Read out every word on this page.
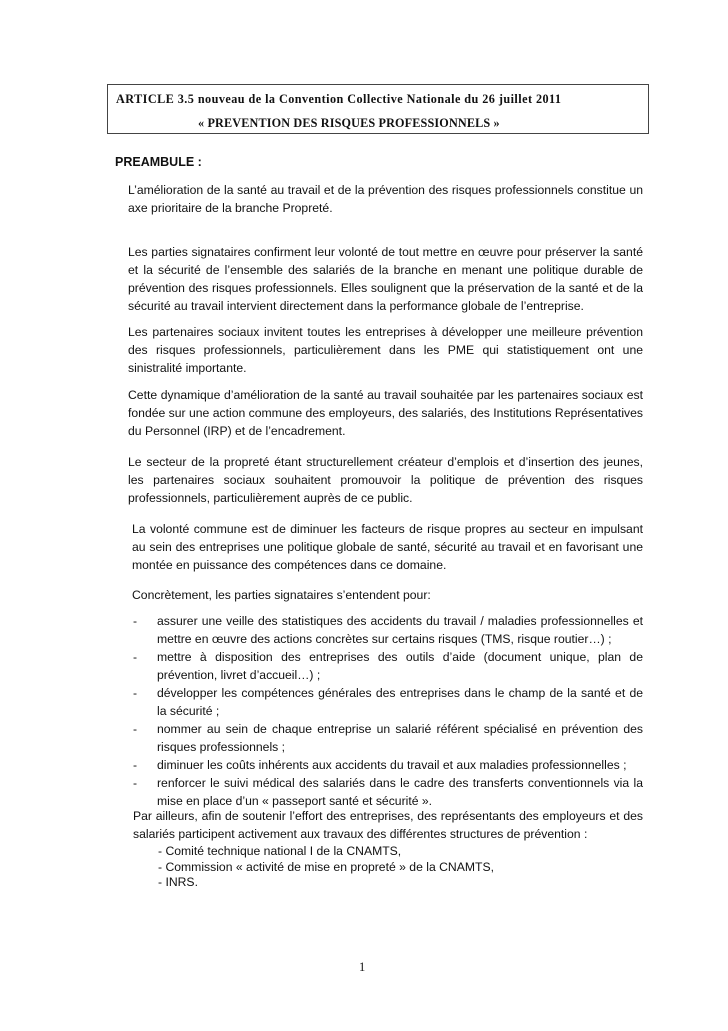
ARTICLE 3.5 nouveau de la Convention Collective Nationale du 26 juillet 2011
« PREVENTION DES RISQUES PROFESSIONNELS »
PREAMBULE :

L’amélioration de la santé au travail et de la prévention des risques professionnels constitue un axe prioritaire de la branche Propreté.

Les parties signataires confirment leur volonté de tout mettre en œuvre pour préserver la santé et la sécurité de l’ensemble des salariés de la branche en menant une politique durable de prévention des risques professionnels. Elles soulignent que la préservation de la santé et de la sécurité au travail intervient directement dans la performance globale de l’entreprise.

Les partenaires sociaux invitent toutes les entreprises à développer une meilleure prévention des risques professionnels, particulièrement dans les PME qui statistiquement ont une sinistralité importante.

Cette dynamique d’amélioration de la santé au travail souhaitée par les partenaires sociaux est fondée sur une action commune des employeurs, des salariés, des Institutions Représentatives du Personnel (IRP) et de l’encadrement.

Le secteur de la propreté étant structurellement créateur d’emplois et d’insertion des jeunes, les partenaires sociaux souhaitent promouvoir la politique de prévention des risques professionnels, particulièrement auprès de ce public.

La volonté commune est de diminuer les facteurs de risque propres au secteur en impulsant au sein des entreprises une politique globale de santé, sécurité au travail et en favorisant une montée en puissance des compétences dans ce domaine.

Concrètement, les parties signataires s’entendent pour:

- assurer une veille des statistiques des accidents du travail / maladies professionnelles et mettre en œuvre des actions concrètes sur certains risques (TMS, risque routier…) ;
- mettre à disposition des entreprises des outils d’aide (document unique, plan de prévention, livret d’accueil…) ;
- développer les compétences générales des entreprises dans le champ de la santé et de la sécurité ;
- nommer au sein de chaque entreprise un salarié référent spécialisé en prévention des risques professionnels ;
- diminuer les coûts inhérents aux accidents du travail et aux maladies professionnelles ;
- renforcer le suivi médical des salariés dans le cadre des transferts conventionnels via la mise en place d’un « passeport santé et sécurité ».

Par ailleurs, afin de soutenir l’effort des entreprises, des représentants des employeurs et des salariés participent activement aux travaux des différentes structures de prévention :

- Comité technique national I de la CNAMTS,
- Commission « activité de mise en propreté » de la CNAMTS,
- INRS.
1
